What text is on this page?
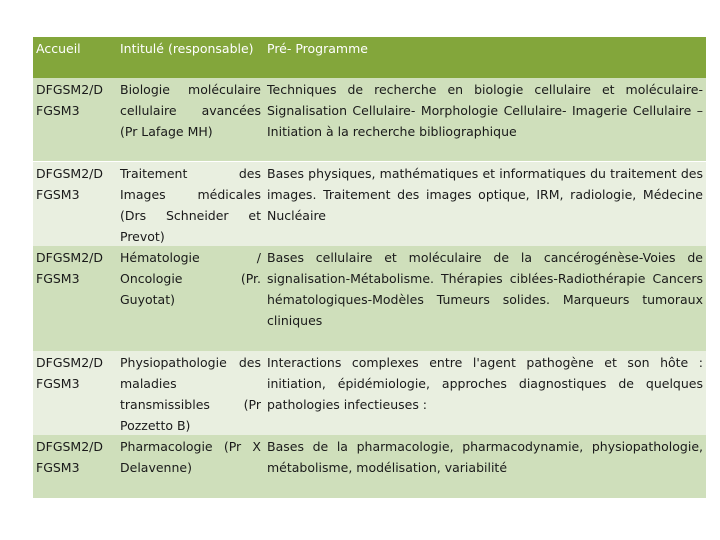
Accueil	Intitulé (responsable)	Pré- Programme
DFGSM2/D FGSM3
Biologie moléculaire cellulaire avancées (Pr Lafage MH)
Techniques de recherche en biologie cellulaire et moléculaire-Signalisation Cellulaire- Morphologie Cellulaire- Imagerie Cellulaire –Initiation à la recherche bibliographique
DFGSM2/D FGSM3
Traitement des Images médicales (Drs Schneider et Prevot)
Bases physiques, mathématiques et informatiques du traitement des images. Traitement des images optique, IRM, radiologie, Médecine Nucléaire
DFGSM2/D FGSM3
Hématologie / Oncologie (Pr. Guyotat)
Bases cellulaire et moléculaire de la cancérogénèse-Voies de signalisation-Métabolisme. Thérapies ciblées-Radiothérapie Cancers hématologiques-Modèles Tumeurs solides. Marqueurs tumoraux cliniques
DFGSM2/D FGSM3
Physiopathologie des maladies transmissibles (Pr Pozzetto B)
Interactions complexes entre l'agent pathogène et son hôte : initiation, épidémiologie, approches diagnostiques de quelques pathologies infectieuses :
DFGSM2/D FGSM3
Pharmacologie (Pr X Delavenne)
Bases de la pharmacologie, pharmacodynamie, physiopathologie, métabolisme, modélisation, variabilité
